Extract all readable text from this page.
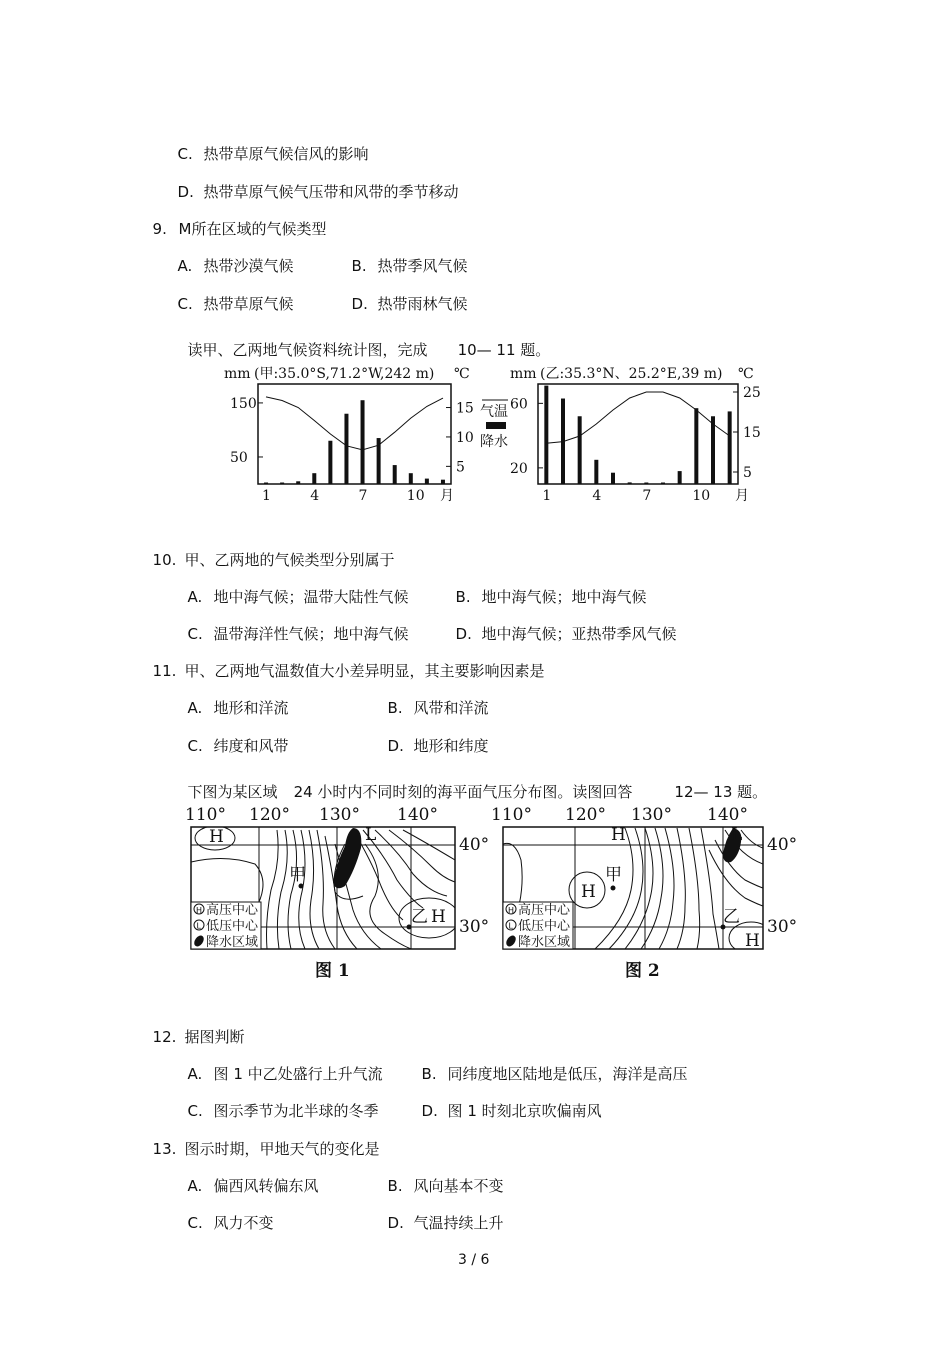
C. 热带草原气候信风的影响

D. 热带草原气候气压带和风带的季节移动

9. M所在区域的气候类型

A. 热带沙漠气候	B. 热带季风气候

C. 热带草原气候	D. 热带雨林气候

读甲、乙两地气候资料统计图，完成 10— 11 题。

mm (甲:35.0°S,71.2°W,242 m) ℃
1	4	7	10
50
150
5
10
15
月
气温
降水
mm (乙:35.3°N、25.2°E,39 m) ℃
1	4	7	10
20
60
5
15
25
月

10. 甲、乙两地的气候类型分别属于

A. 地中海气候；温带大陆性气候	B. 地中海气候；地中海气候

C. 温带海洋性气候；地中海气候	D. 地中海气候；亚热带季风气候

11. 甲、乙两地气温数值大小差异明显，其主要影响因素是

A. 地形和洋流	B. 风带和洋流

C. 纬度和风带	D. 地形和纬度

下图为某区域 24 小时内不同时刻的海平面气压分布图。读图回答	12— 13 题。

110° 120° 130° 140°
40°
30°
H	L
甲
乙 H
H 高压中心
L 低压中心
降水区域
图 1
110° 120° 130° 140°
40°
30°
H	L
H
甲
乙
H
H 高压中心
L 低压中心
降水区域
图 2

12. 据图判断

A. 图 1 中乙处盛行上升气流	B. 同纬度地区陆地是低压，海洋是高压

C. 图示季节为北半球的冬季	D. 图 1 时刻北京吹偏南风

13. 图示时期，甲地天气的变化是

A. 偏西风转偏东风	B. 风向基本不变

C. 风力不变	D. 气温持续上升

3 / 6
